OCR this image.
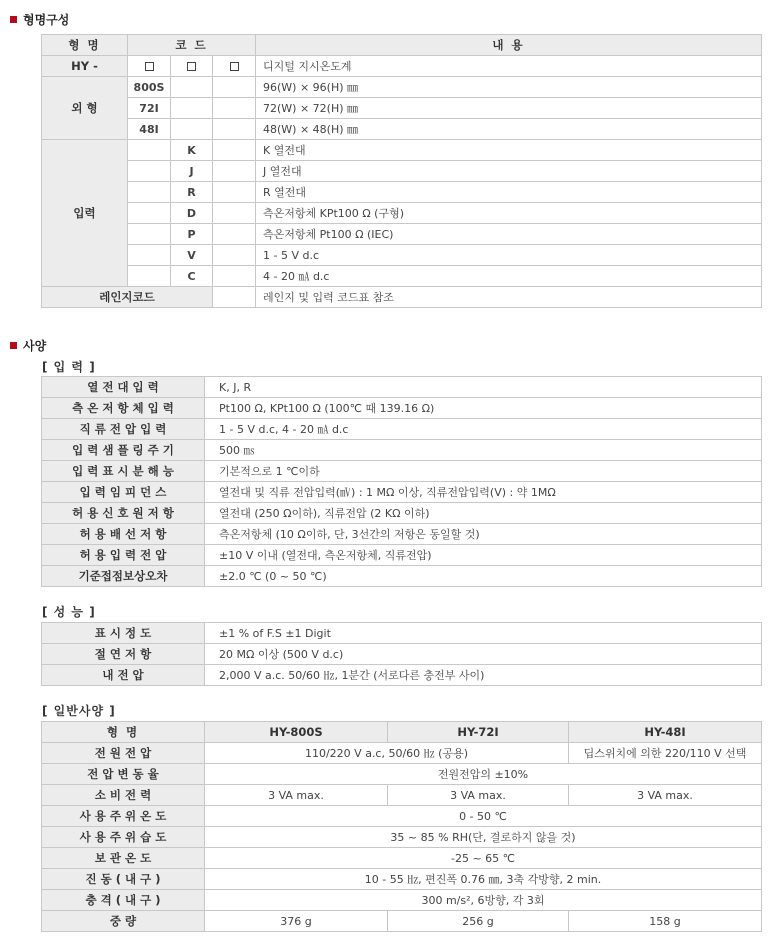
형명구성
형 명	코 드			내 용
HY -				디지털 지시온도계
외 형	800S			96(W) × 96(H) ㎜
	72I			72(W) × 72(H) ㎜
	48I			48(W) × 48(H) ㎜
입력		K		K 열전대
		J		J 열전대
		R		R 열전대
		D		측온저항체 KPt100 Ω (구형)
		P		측온저항체 Pt100 Ω (IEC)
		V		1 - 5 V d.c
		C		4 - 20 ㎃ d.c
레인지코드				레인지 및 입력 코드표 참조
사양
[ 입 력 ]
열 전 대 입 력	K, J, R
측 온 저 항 체 입 력	Pt100 Ω, KPt100 Ω (100℃ 때 139.16 Ω)
직 류 전 압 입 력	1 - 5 V d.c, 4 - 20 ㎃ d.c
입 력 샘 플 링 주 기	500 ㎳
입 력 표 시 분 해 능	기본적으로 1 ℃이하
입 력 임 피 던 스	열전대 및 직류 전압입력(㎷) : 1 MΩ 이상, 직류전압입력(V) : 약 1MΩ
허 용 신 호 원 저 항	열전대 (250 Ω이하), 직류전압 (2 KΩ 이하)
허 용 배 선 저 항	측온저항체 (10 Ω이하, 단, 3선간의 저항은 동일할 것)
허 용 입 력 전 압	±10 V 이내 (열전대, 측온저항체, 직류전압)
기준접점보상오차	±2.0 ℃ (0 ~ 50 ℃)
[ 성 능 ]
표 시 정 도	±1 % of F.S ±1 Digit
절 연 저 항	20 MΩ 이상 (500 V d.c)
내 전 압	2,000 V a.c. 50/60 ㎐, 1분간 (서로다른 충전부 사이)
[ 일반사양 ]
형 명	HY-800S	HY-72I	HY-48I
전 원 전 압	110/220 V a.c, 50/60 ㎐ (공용)		딥스위치에 의한 220/110 V 선택
전 압 변 동 율	전원전압의 ±10%		
소 비 전 력	3 VA max.	3 VA max.	3 VA max.
사 용 주 위 온 도	0 - 50 ℃		
사 용 주 위 습 도	35 ~ 85 % RH(단, 결로하지 않을 것)		
보 관 온 도	-25 ~ 65 ℃		
진 동 ( 내 구 )	10 - 55 ㎐, 편진폭 0.76 ㎜, 3축 각방향, 2 min.		
충 격 ( 내 구 )	300 m/s², 6방향, 각 3회		
중 량	376 g	256 g	158 g
